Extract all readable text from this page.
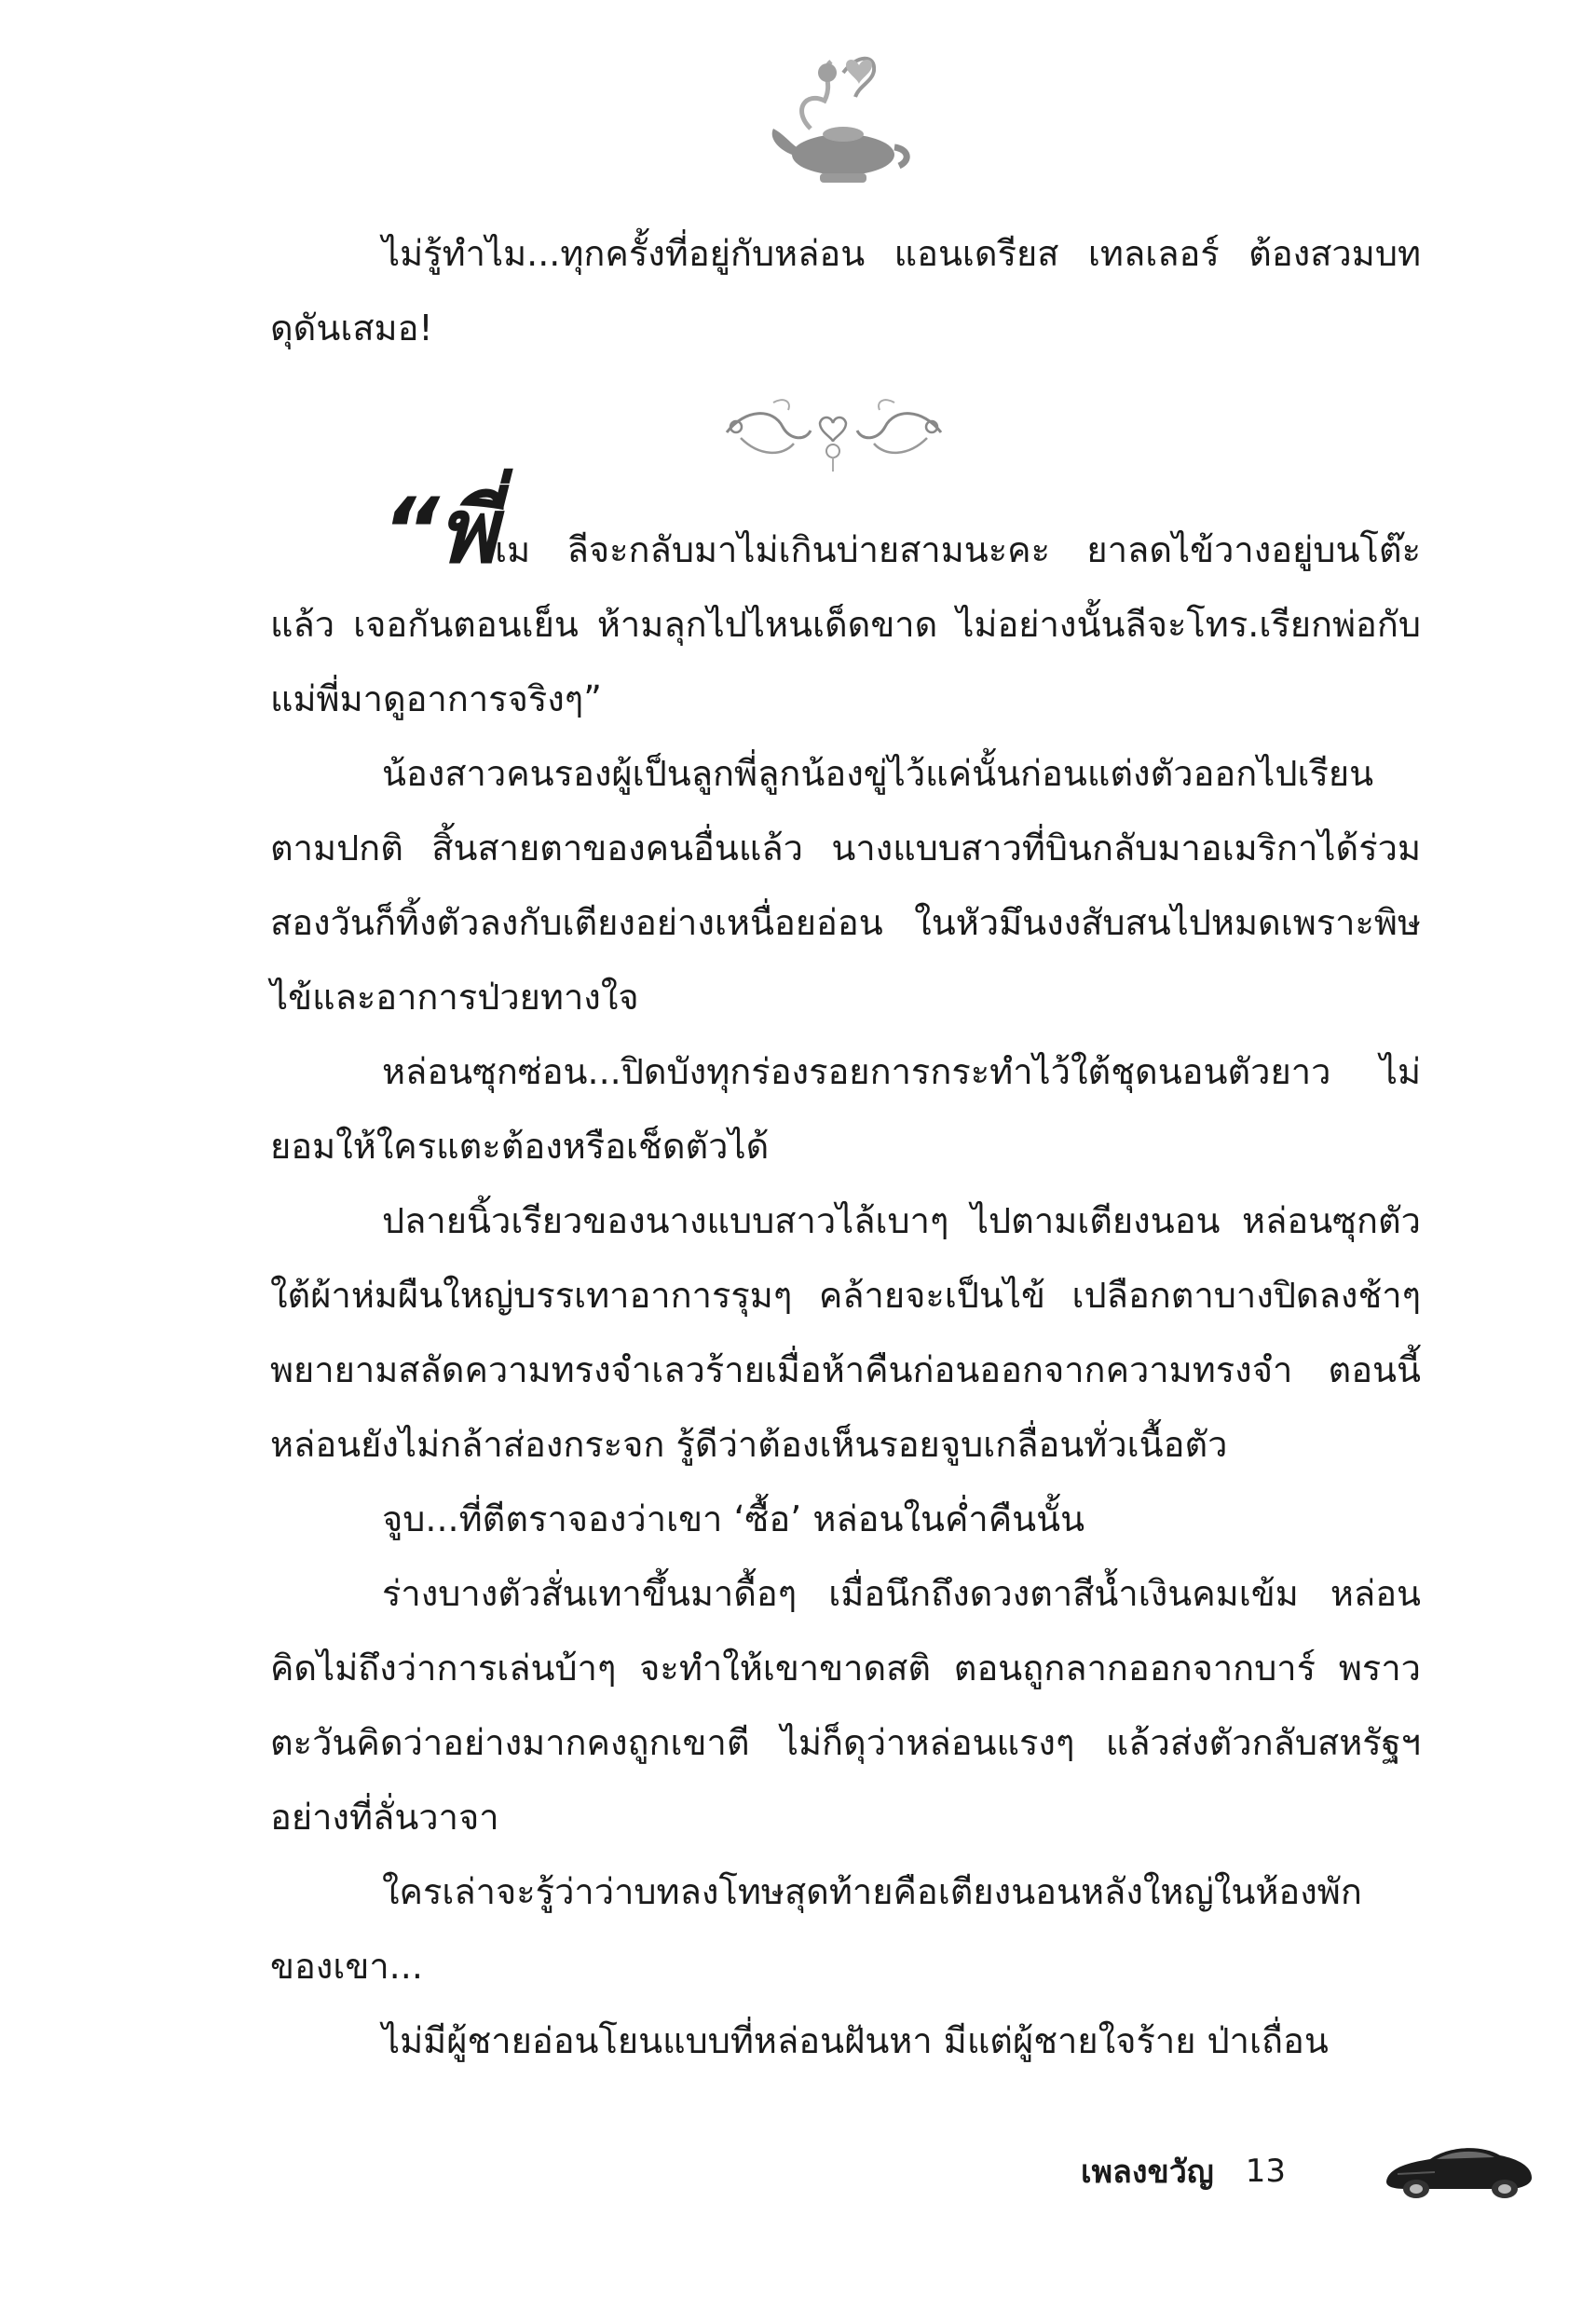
ไม่รู้ทำไม...ทุกครั้งที่อยู่กับหล่อน แอนเดรียส เทลเลอร์ ต้องสวมบทดุดันเสมอ!

“พี่เม ลีจะกลับมาไม่เกินบ่ายสามนะคะ ยาลดไข้วางอยู่บนโต๊ะแล้ว เจอกันตอนเย็น ห้ามลุกไปไหนเด็ดขาด ไม่อย่างนั้นลีจะโทร.เรียกพ่อกับแม่พี่มาดูอาการจริงๆ”

น้องสาวคนรองผู้เป็นลูกพี่ลูกน้องขู่ไว้แค่นั้นก่อนแต่งตัวออกไปเรียนตามปกติ สิ้นสายตาของคนอื่นแล้ว นางแบบสาวที่บินกลับมาอเมริกาได้ร่วมสองวันก็ทิ้งตัวลงกับเตียงอย่างเหนื่อยอ่อน ในหัวมึนงงสับสนไปหมดเพราะพิษไข้และอาการป่วยทางใจ

หล่อนซุกซ่อน...ปิดบังทุกร่องรอยการกระทำไว้ใต้ชุดนอนตัวยาว ไม่ยอมให้ใครแตะต้องหรือเช็ดตัวได้

ปลายนิ้วเรียวของนางแบบสาวไล้เบาๆ ไปตามเตียงนอน หล่อนซุกตัวใต้ผ้าห่มผืนใหญ่บรรเทาอาการรุมๆ คล้ายจะเป็นไข้ เปลือกตาบางปิดลงช้าๆ พยายามสลัดความทรงจำเลวร้ายเมื่อห้าคืนก่อนออกจากความทรงจำ ตอนนี้หล่อนยังไม่กล้าส่องกระจก รู้ดีว่าต้องเห็นรอยจูบเกลื่อนทั่วเนื้อตัว

จูบ...ที่ตีตราจองว่าเขา ‘ซื้อ’ หล่อนในค่ำคืนนั้น

ร่างบางตัวสั่นเทาขึ้นมาดื้อๆ เมื่อนึกถึงดวงตาสีน้ำเงินคมเข้ม หล่อนคิดไม่ถึงว่าการเล่นบ้าๆ จะทำให้เขาขาดสติ ตอนถูกลากออกจากบาร์ พราวตะวันคิดว่าอย่างมากคงถูกเขาตี ไม่ก็ดุว่าหล่อนแรงๆ แล้วส่งตัวกลับสหรัฐฯ อย่างที่ลั่นวาจา

ใครเล่าจะรู้ว่าว่าบทลงโทษสุดท้ายคือเตียงนอนหลังใหญ่ในห้องพักของเขา...

ไม่มีผู้ชายอ่อนโยนแบบที่หล่อนฝันหา มีแต่ผู้ชายใจร้าย ป่าเถื่อน

เพลงขวัญ 13
